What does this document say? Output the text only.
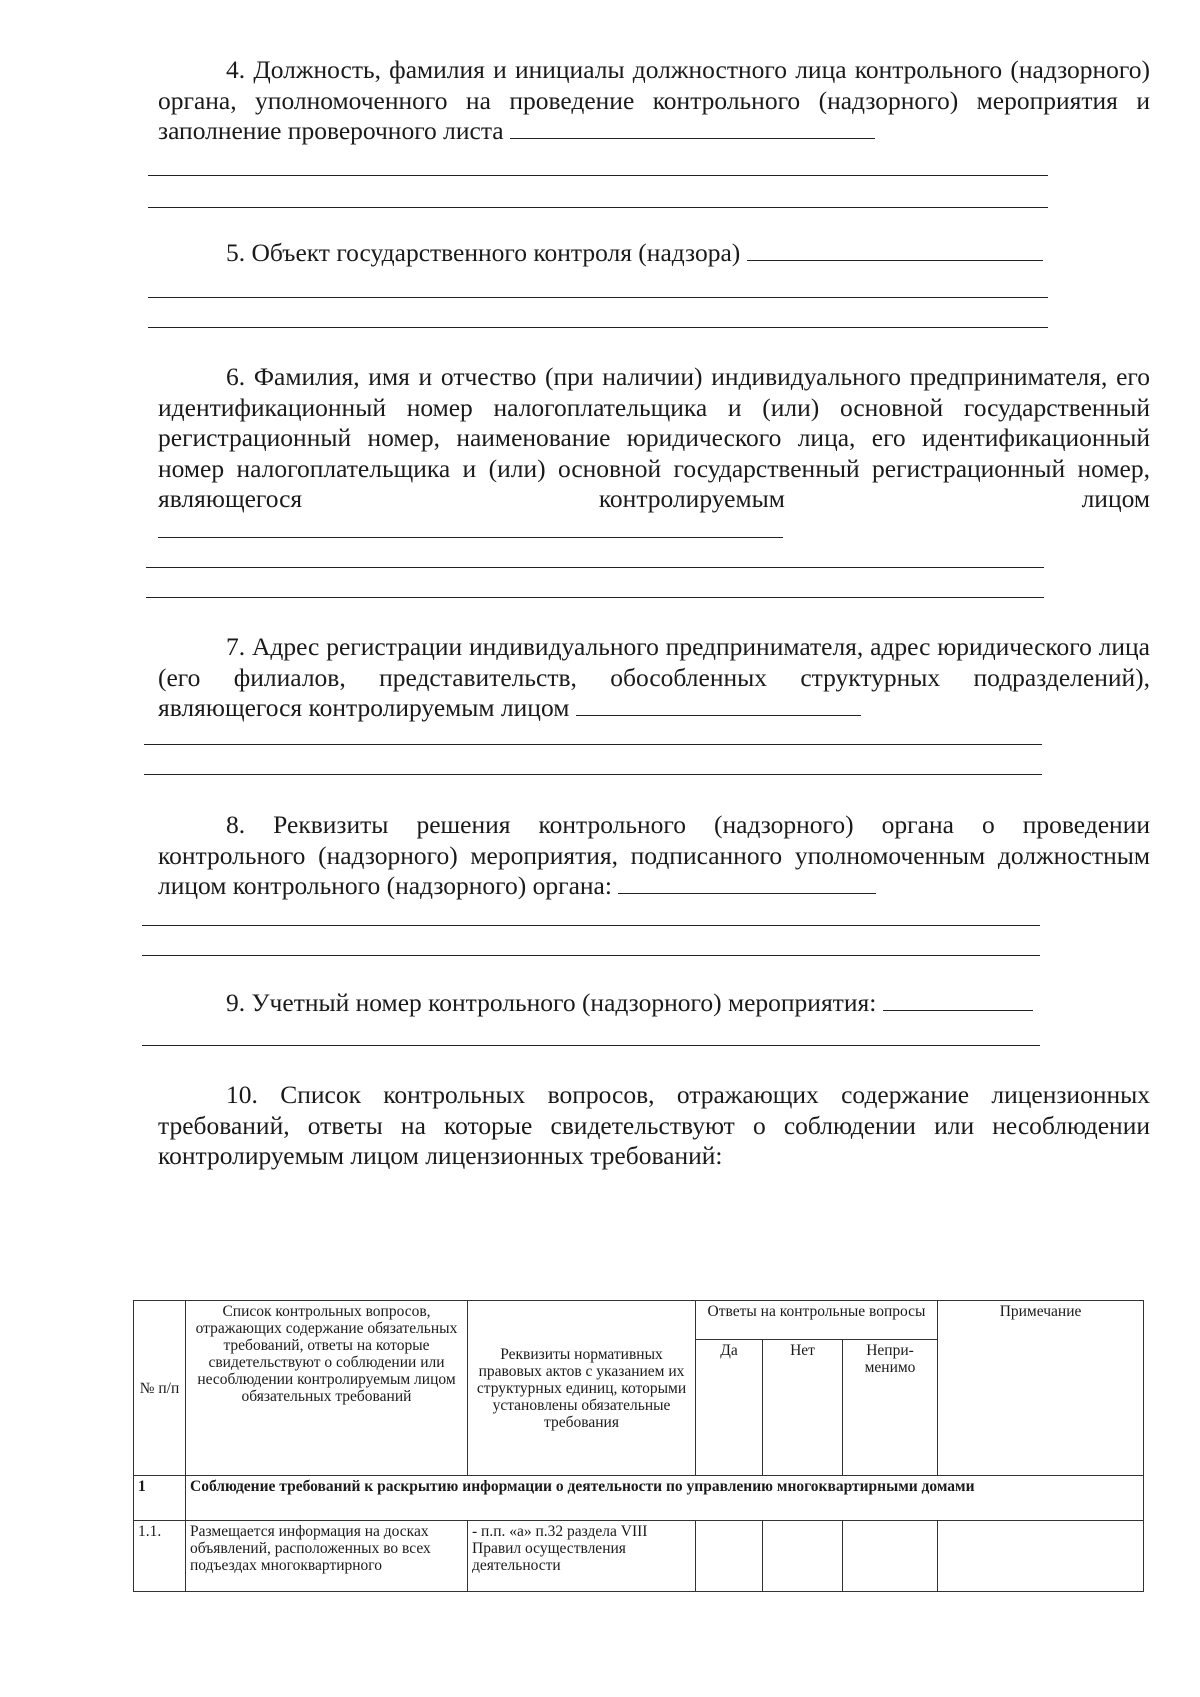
4. Должность, фамилия и инициалы должностного лица контрольного (надзорного) органа, уполномоченного на проведение контрольного (надзорного) мероприятия и заполнение проверочного листа
5. Объект государственного контроля (надзора)
6. Фамилия, имя и отчество (при наличии) индивидуального предпринимателя, его идентификационный номер налогоплательщика и (или) основной государственный регистрационный номер, наименование юридического лица, его идентификационный номер налогоплательщика и (или) основной государственный регистрационный номер, являющегося контролируемым лицом
7. Адрес регистрации индивидуального предпринимателя, адрес юридического лица (его филиалов, представительств, обособленных структурных подразделений), являющегося контролируемым лицом
8. Реквизиты решения контрольного (надзорного) органа о проведении контрольного (надзорного) мероприятия, подписанного уполномоченным должностным лицом контрольного (надзорного) органа:
9. Учетный номер контрольного (надзорного) мероприятия:
10. Список контрольных вопросов, отражающих содержание лицензионных требований, ответы на которые свидетельствуют о соблюдении или несоблюдении контролируемым лицом лицензионных требований:
№ п/п	Список контрольных вопросов, отражающих содержание обязательных требований, ответы на которые свидетельствуют о соблюдении или несоблюдении контролируемым лицом обязательных требований	Реквизиты нормативных правовых актов с указанием их структурных единиц, которыми установлены обязательные требования	Ответы на контрольные вопросы			Примечание
			Да	Нет	Непри-менимо	
1	Соблюдение требований к раскрытию информации о деятельности по управлению многоквартирными домами					
1.1.	Размещается информация на досках объявлений, расположенных во всех подъездах многоквартирного	- п.п. «а» п.32 раздела VIII Правил осуществления деятельности				
